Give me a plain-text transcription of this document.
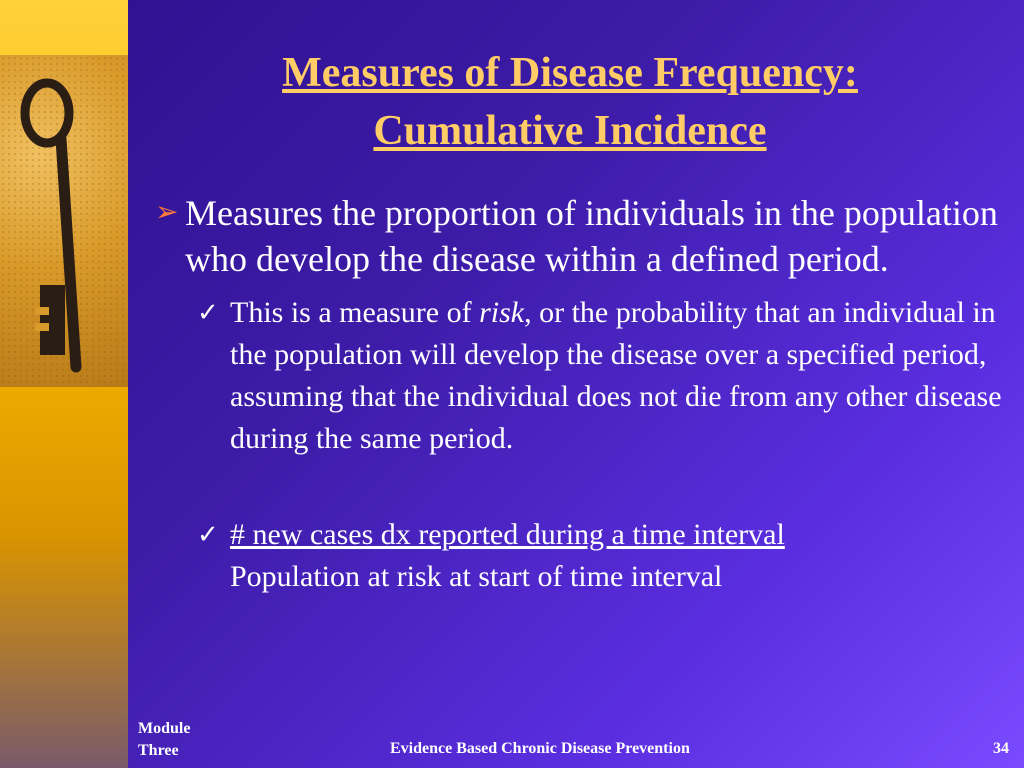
Measures of Disease Frequency:
Cumulative Incidence
➢ Measures the proportion of individuals in the population who develop the disease within a defined period.
✓ This is a measure of risk, or the probability that an individual in the population will develop the disease over a specified period, assuming that the individual does not die from any other disease during the same period.
✓ # new cases dx reported during a time interval
Population at risk at start of time interval
Module
Three	Evidence Based Chronic Disease Prevention	34
